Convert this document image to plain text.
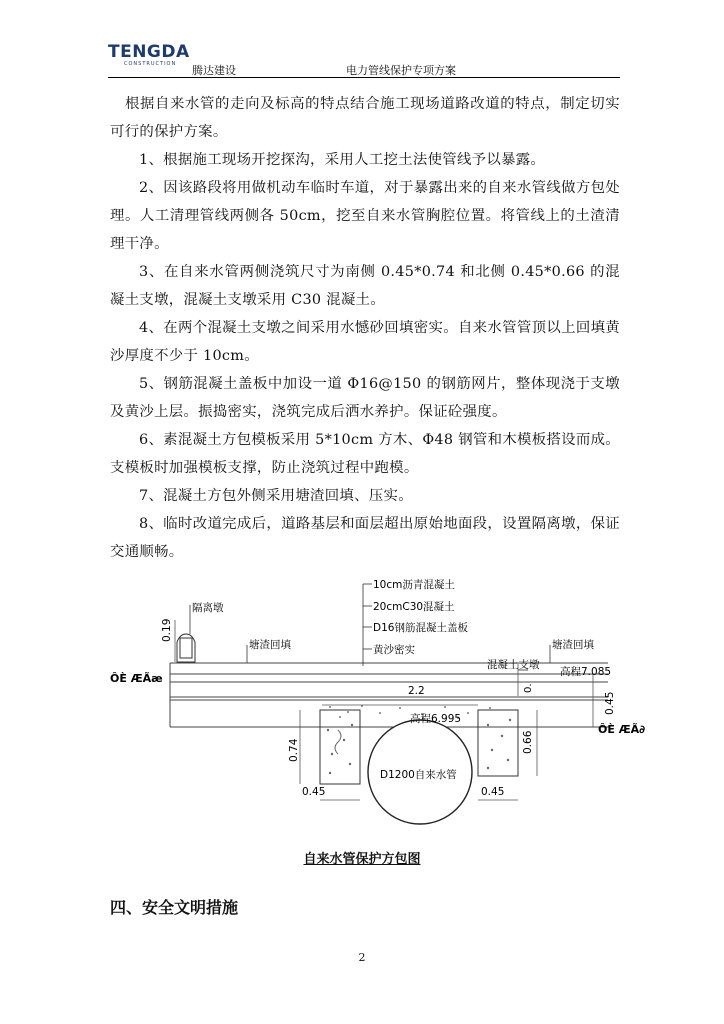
TENGDA
CONSTRUCTION 腾达建设	电力管线保护专项方案

根据自来水管的走向及标高的特点结合施工现场道路改道的特点，制定切实可行的保护方案。

1、根据施工现场开挖探沟，采用人工挖土法使管线予以暴露。

2、因该路段将用做机动车临时车道，对于暴露出来的自来水管线做方包处理。人工清理管线两侧各 50cm，挖至自来水管胸腔位置。将管线上的土渣清理干净。

3、在自来水管两侧浇筑尺寸为南侧 0.45*0.74 和北侧 0.45*0.66 的混凝土支墩，混凝土支墩采用 C30 混凝土。

4、在两个混凝土支墩之间采用水憾砂回填密实。自来水管管顶以上回填黄沙厚度不少于 10cm。

5、钢筋混凝土盖板中加设一道 Φ16@150 的钢筋网片，整体现浇于支墩及黄沙上层。振捣密实，浇筑完成后洒水养护。保证砼强度。

6、素混凝土方包模板采用 5*10cm 方木、Φ48 钢管和木模板搭设而成。支模板时加强模板支撑，防止浇筑过程中跑模。

7、混凝土方包外侧采用塘渣回填、压实。

8、临时改道完成后，道路基层和面层超出原始地面段，设置隔离墩，保证交通顺畅。

10cm沥青混凝土
20cmC30混凝土
D16钢筋混凝土盖板
黄沙密实
隔离墩
塘渣回填	塘渣回填
混凝土支墩
高程7.085
高程6.995
D1200自来水管
ÔÈ ÆÃæ
ÔÈ ÆÃ∂
0.19
2.2
0.74	0.66
0.45
0.
0.45	0.45
自来水管保护方包图
四、安全文明措施
2
